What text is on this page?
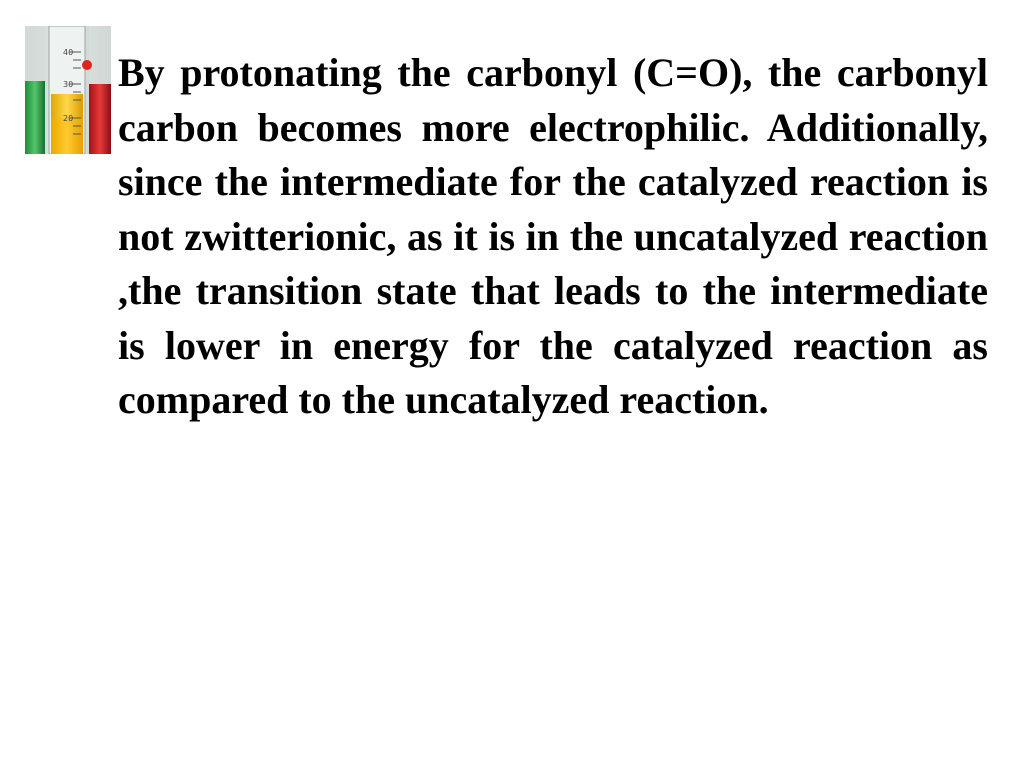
40
30
20

By protonating the carbonyl (C=O), the carbonyl carbon becomes more electrophilic. Additionally, since the intermediate for the catalyzed reaction is not zwitterionic, as it is in the uncatalyzed reaction ,the transition state that leads to the intermediate is lower in energy for the catalyzed reaction as compared to the uncatalyzed reaction.
